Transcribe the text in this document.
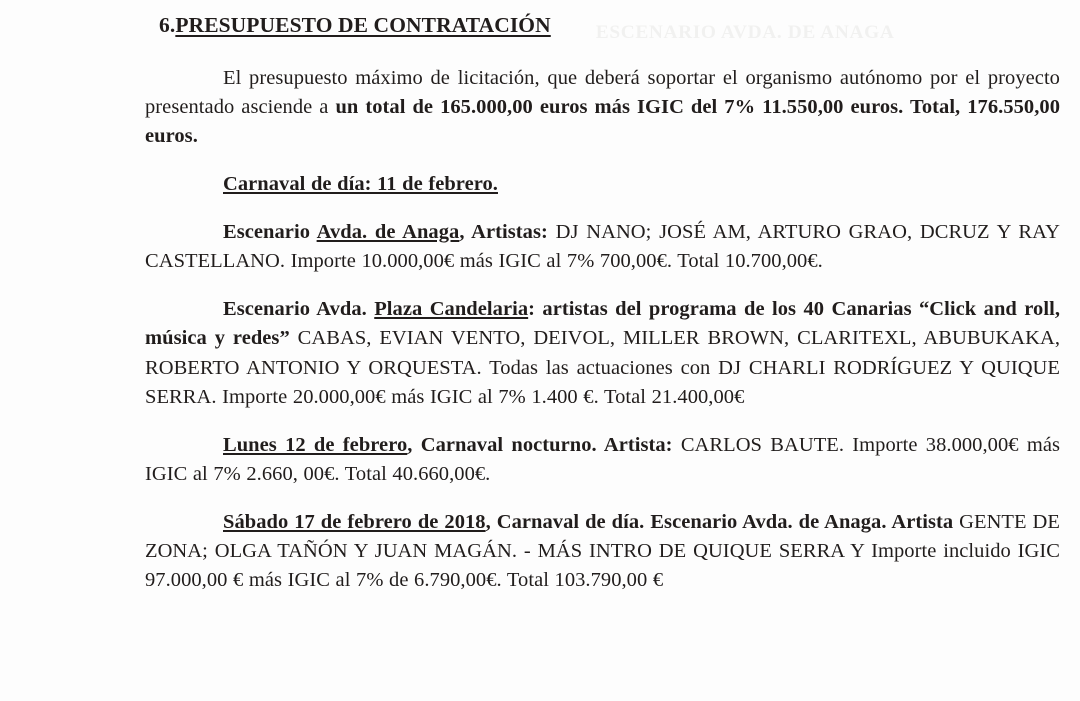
ESCENARIO AVDA. DE ANAGA
6.PRESUPUESTO DE CONTRATACIÓN

El presupuesto máximo de licitación, que deberá soportar el organismo autónomo por el proyecto presentado asciende a un total de 165.000,00 euros más IGIC del 7% 11.550,00 euros. Total, 176.550,00 euros.

Carnaval de día: 11 de febrero.

Escenario Avda. de Anaga, Artistas: DJ NANO; JOSÉ AM, ARTURO GRAO, DCRUZ Y RAY CASTELLANO. Importe 10.000,00€ más IGIC al 7% 700,00€. Total 10.700,00€.

Escenario Avda. Plaza Candelaria: artistas del programa de los 40 Canarias “Click and roll, música y redes” CABAS, EVIAN VENTO, DEIVOL, MILLER BROWN, CLARITEXL, ABUBUKAKA, ROBERTO ANTONIO Y ORQUESTA. Todas las actuaciones con DJ CHARLI RODRÍGUEZ Y QUIQUE SERRA. Importe 20.000,00€ más IGIC al 7% 1.400 €. Total 21.400,00€

Lunes 12 de febrero, Carnaval nocturno. Artista: CARLOS BAUTE. Importe 38.000,00€ más IGIC al 7% 2.660, 00€. Total 40.660,00€.

Sábado 17 de febrero de 2018, Carnaval de día. Escenario Avda. de Anaga. Artista GENTE DE ZONA; OLGA TAÑÓN Y JUAN MAGÁN. - MÁS INTRO DE QUIQUE SERRA Y Importe incluido IGIC 97.000,00 € más IGIC al 7% de 6.790,00€. Total 103.790,00 €
